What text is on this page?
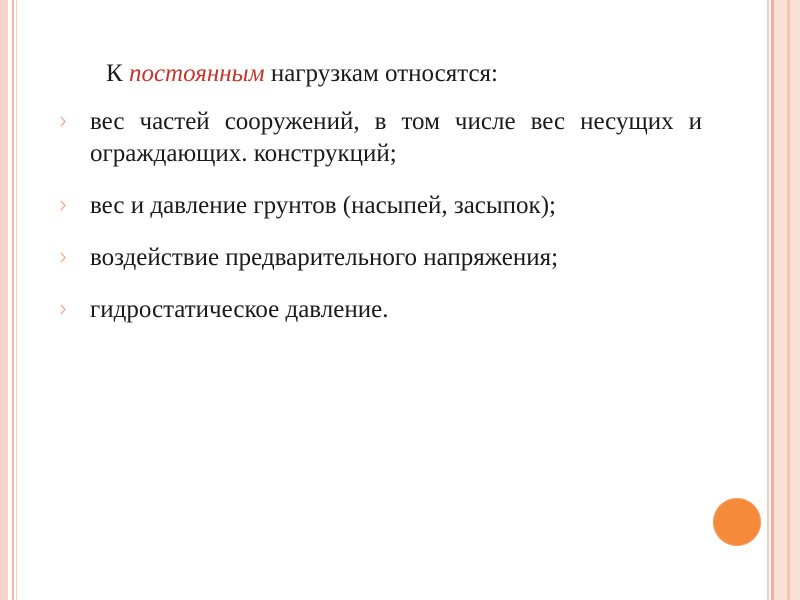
К постоянным нагрузкам относятся:
вес частей сооружений, в том числе вес несущих и ограждающих. конструкций;
вес и давление грунтов (насыпей, засыпок);
воздействие предварительного напряжения;
гидростатическое давление.
